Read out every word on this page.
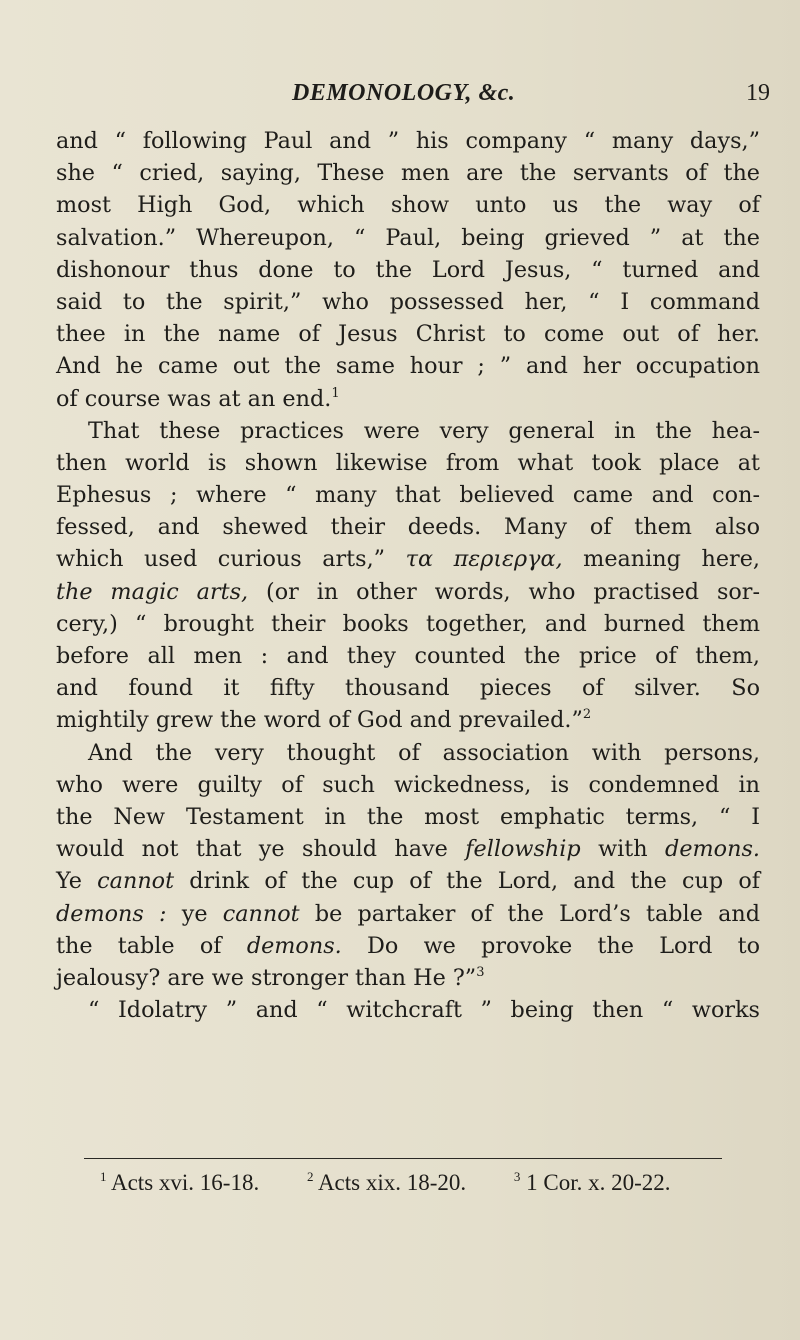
DEMONOLOGY, &c.	19
and “ following Paul and ” his company “ many days,”
she “ cried, saying, These men are the servants of the
most High God, which show unto us the way of
salvation.” Whereupon, “ Paul, being grieved ” at the
dishonour thus done to the Lord Jesus, “ turned and
said to the spirit,” who possessed her, “ I command
thee in the name of Jesus Christ to come out of her.
And he came out the same hour ; ” and her occupation
of course was at an end.$^1$
That these practices were very general in the hea-
then world is shown likewise from what took place at
Ephesus ; where “ many that believed came and con-
fessed, and shewed their deeds. Many of them also
which used curious arts,” τα περιεργα, meaning here,
the magic arts, (or in other words, who practised sor-
cery,) “ brought their books together, and burned them
before all men : and they counted the price of them,
and found it fifty thousand pieces of silver. So
mightily grew the word of God and prevailed.”$^2$
And the very thought of association with persons,
who were guilty of such wickedness, is condemned in
the New Testament in the most emphatic terms, “ I
would not that ye should have fellowship with demons.
Ye cannot drink of the cup of the Lord, and the cup of
demons : ye cannot be partaker of the Lord’s table and
the table of demons. Do we provoke the Lord to
jealousy? are we stronger than He ?”$^3$
“ Idolatry ” and “ witchcraft ” being then “ works
$^1$ Acts xvi. 16-18.	$^2$ Acts xix. 18-20.	$^3$ 1 Cor. x. 20-22.
